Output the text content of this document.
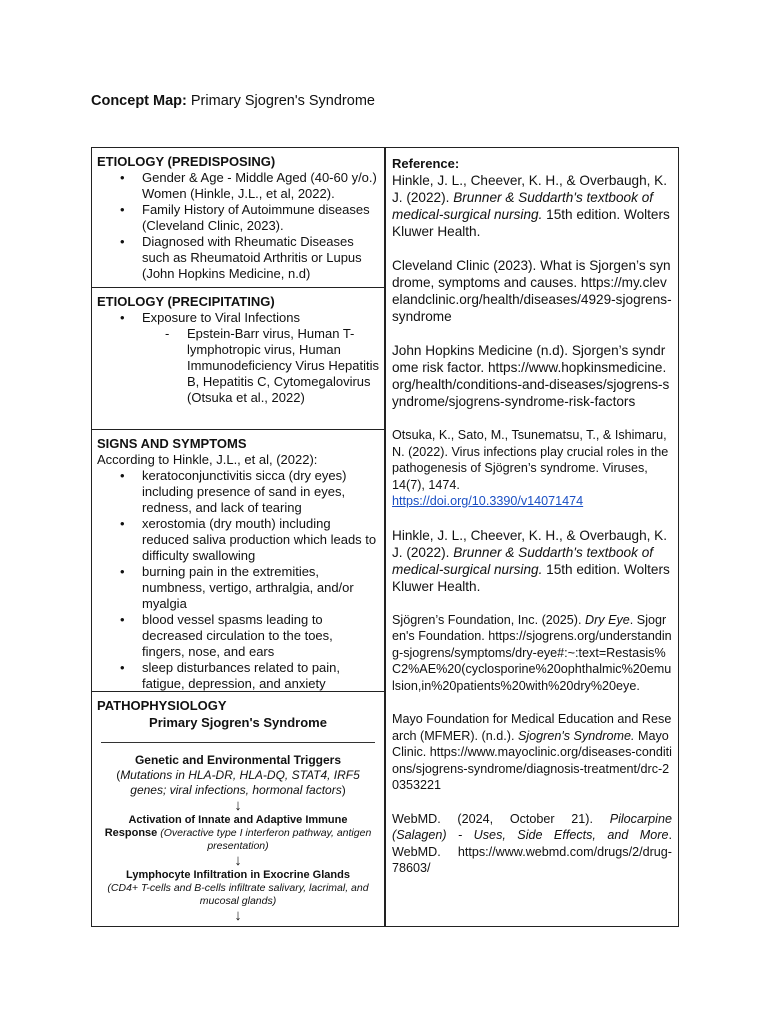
Concept Map: Primary Sjogren's Syndrome
ETIOLOGY (PREDISPOSING)
• Gender & Age - Middle Aged (40-60 y/o.) Women (Hinkle, J.L., et al, 2022).
• Family History of Autoimmune diseases (Cleveland Clinic, 2023).
• Diagnosed with Rheumatic Diseases such as Rheumatoid Arthritis or Lupus (John Hopkins Medicine, n.d)
ETIOLOGY (PRECIPITATING)
• Exposure to Viral Infections
- Epstein-Barr virus, Human T-lymphotropic virus, Human Immunodeficiency Virus Hepatitis B, Hepatitis C, Cytomegalovirus (Otsuka et al., 2022)
SIGNS AND SYMPTOMS
According to Hinkle, J.L., et al, (2022):
• keratoconjunctivitis sicca (dry eyes) including presence of sand in eyes, redness, and lack of tearing
• xerostomia (dry mouth) including reduced saliva production which leads to difficulty swallowing
• burning pain in the extremities, numbness, vertigo, arthralgia, and/or myalgia
• blood vessel spasms leading to decreased circulation to the toes, fingers, nose, and ears
• sleep disturbances related to pain, fatigue, depression, and anxiety
PATHOPHYSIOLOGY
Primary Sjogren's Syndrome
Genetic and Environmental Triggers
(Mutations in HLA-DR, HLA-DQ, STAT4, IRF5 genes; viral infections, hormonal factors)
↓
Activation of Innate and Adaptive Immune
Response (Overactive type I interferon pathway, antigen presentation)
↓
Lymphocyte Infiltration in Exocrine Glands
(CD4+ T-cells and B-cells infiltrate salivary, lacrimal, and mucosal glands)
↓
Reference:
Hinkle, J. L., Cheever, K. H., & Overbaugh, K. J. (2022). Brunner & Suddarth's textbook of medical-surgical nursing. 15th edition. Wolters Kluwer Health.
Cleveland Clinic (2023). What is Sjorgen’s syndrome, symptoms and causes. https://my.clevelandclinic.org/health/diseases/4929-sjogrens-syndrome
John Hopkins Medicine (n.d). Sjorgen’s syndrome risk factor. https://www.hopkinsmedicine.org/health/conditions-and-diseases/sjogrens-syndrome/sjogrens-syndrome-risk-factors
Otsuka, K., Sato, M., Tsunematsu, T., & Ishimaru, N. (2022). Virus infections play crucial roles in the pathogenesis of Sjögren’s syndrome. Viruses, 14(7), 1474.
https://doi.org/10.3390/v14071474
Hinkle, J. L., Cheever, K. H., & Overbaugh, K. J. (2022). Brunner & Suddarth's textbook of medical-surgical nursing. 15th edition. Wolters Kluwer Health.
Sjögren’s Foundation, Inc. (2025). Dry Eye. Sjogren's Foundation. https://sjogrens.org/understanding-sjogrens/symptoms/dry-eye#:~:text=Restasis%C2%AE%20(cyclosporine%20ophthalmic%20emulsion,in%20patients%20with%20dry%20eye.
Mayo Foundation for Medical Education and Research (MFMER). (n.d.). Sjogren's Syndrome. Mayo Clinic. https://www.mayoclinic.org/diseases-conditions/sjogrens-syndrome/diagnosis-treatment/drc-20353221
WebMD. (2024, October 21). Pilocarpine (Salagen) - Uses, Side Effects, and More. WebMD. https://www.webmd.com/drugs/2/drug-78603/
